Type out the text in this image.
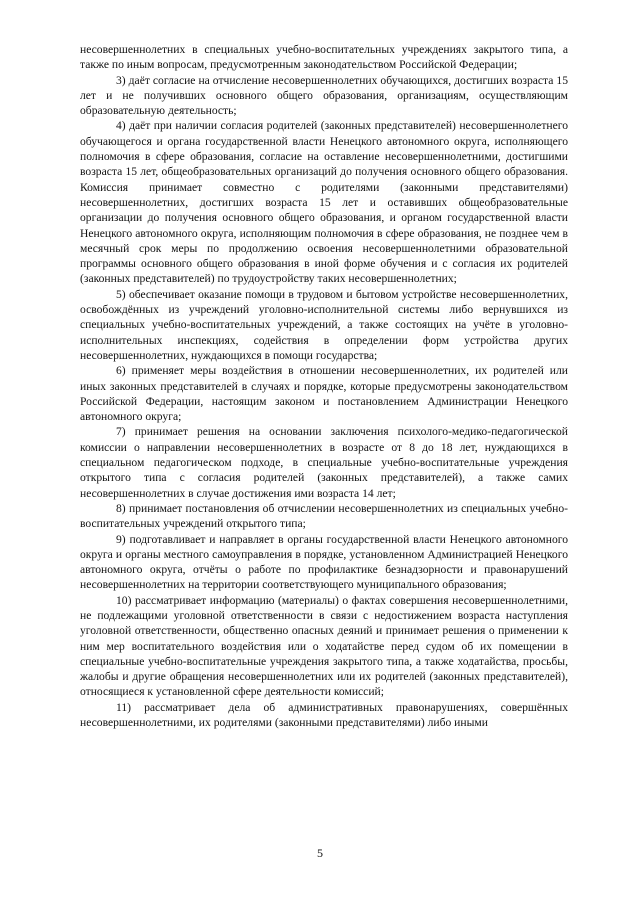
несовершеннолетних в специальных учебно-воспитательных учреждениях закрытого типа, а также по иным вопросам, предусмотренным законодательством Российской Федерации;

3) даёт согласие на отчисление несовершеннолетних обучающихся, достигших возраста 15 лет и не получивших основного общего образования, организациям, осуществляющим образовательную деятельность;

4) даёт при наличии согласия родителей (законных представителей) несовершеннолетнего обучающегося и органа государственной власти Ненецкого автономного округа, исполняющего полномочия в сфере образования, согласие на оставление несовершеннолетними, достигшими возраста 15 лет, общеобразовательных организаций до получения основного общего образования. Комиссия принимает совместно с родителями (законными представителями) несовершеннолетних, достигших возраста 15 лет и оставивших общеобразовательные организации до получения основного общего образования, и органом государственной власти Ненецкого автономного округа, исполняющим полномочия в сфере образования, не позднее чем в месячный срок меры по продолжению освоения несовершеннолетними образовательной программы основного общего образования в иной форме обучения и с согласия их родителей (законных представителей) по трудоустройству таких несовершеннолетних;

5) обеспечивает оказание помощи в трудовом и бытовом устройстве несовершеннолетних, освобождённых из учреждений уголовно-исполнительной системы либо вернувшихся из специальных учебно-воспитательных учреждений, а также состоящих на учёте в уголовно-исполнительных инспекциях, содействия в определении форм устройства других несовершеннолетних, нуждающихся в помощи государства;

6) применяет меры воздействия в отношении несовершеннолетних, их родителей или иных законных представителей в случаях и порядке, которые предусмотрены законодательством Российской Федерации, настоящим законом и постановлением Администрации Ненецкого автономного округа;

7) принимает решения на основании заключения психолого-медико-педагогической комиссии о направлении несовершеннолетних в возрасте от 8 до 18 лет, нуждающихся в специальном педагогическом подходе, в специальные учебно-воспитательные учреждения открытого типа с согласия родителей (законных представителей), а также самих несовершеннолетних в случае достижения ими возраста 14 лет;

8) принимает постановления об отчислении несовершеннолетних из специальных учебно-воспитательных учреждений открытого типа;

9) подготавливает и направляет в органы государственной власти Ненецкого автономного округа и органы местного самоуправления в порядке, установленном Администрацией Ненецкого автономного округа, отчёты о работе по профилактике безнадзорности и правонарушений несовершеннолетних на территории соответствующего муниципального образования;

10) рассматривает информацию (материалы) о фактах совершения несовершеннолетними, не подлежащими уголовной ответственности в связи с недостижением возраста наступления уголовной ответственности, общественно опасных деяний и принимает решения о применении к ним мер воспитательного воздействия или о ходатайстве перед судом об их помещении в специальные учебно-воспитательные учреждения закрытого типа, а также ходатайства, просьбы, жалобы и другие обращения несовершеннолетних или их родителей (законных представителей), относящиеся к установленной сфере деятельности комиссий;

11) рассматривает дела об административных правонарушениях, совершённых несовершеннолетними, их родителями (законными представителями) либо иными

5
